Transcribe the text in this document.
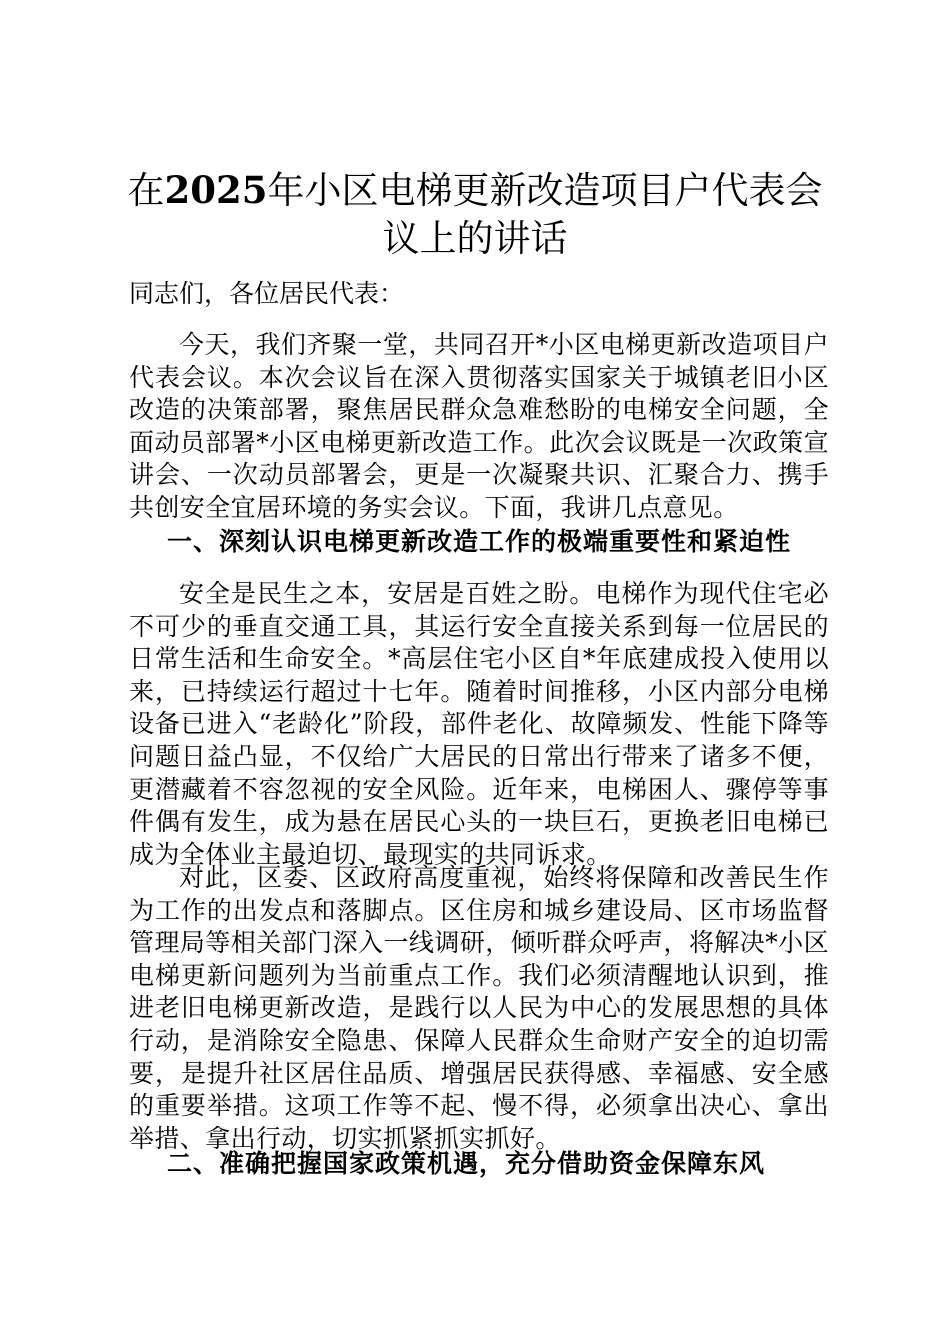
在2025年小区电梯更新改造项目户代表会议上的讲话

同志们，各位居民代表：

今天，我们齐聚一堂，共同召开*小区电梯更新改造项目户代表会议。本次会议旨在深入贯彻落实国家关于城镇老旧小区改造的决策部署，聚焦居民群众急难愁盼的电梯安全问题，全面动员部署*小区电梯更新改造工作。此次会议既是一次政策宣讲会、一次动员部署会，更是一次凝聚共识、汇聚合力、携手共创安全宜居环境的务实会议。下面，我讲几点意见。

一、深刻认识电梯更新改造工作的极端重要性和紧迫性

安全是民生之本，安居是百姓之盼。电梯作为现代住宅必不可少的垂直交通工具，其运行安全直接关系到每一位居民的日常生活和生命安全。*高层住宅小区自*年底建成投入使用以来，已持续运行超过十七年。随着时间推移，小区内部分电梯设备已进入“老龄化”阶段，部件老化、故障频发、性能下降等问题日益凸显，不仅给广大居民的日常出行带来了诸多不便，更潜藏着不容忽视的安全风险。近年来，电梯困人、骤停等事件偶有发生，成为悬在居民心头的一块巨石，更换老旧电梯已成为全体业主最迫切、最现实的共同诉求。

对此，区委、区政府高度重视，始终将保障和改善民生作为工作的出发点和落脚点。区住房和城乡建设局、区市场监督管理局等相关部门深入一线调研，倾听群众呼声，将解决*小区电梯更新问题列为当前重点工作。我们必须清醒地认识到，推进老旧电梯更新改造，是践行以人民为中心的发展思想的具体行动，是消除安全隐患、保障人民群众生命财产安全的迫切需要，是提升社区居住品质、增强居民获得感、幸福感、安全感的重要举措。这项工作等不起、慢不得，必须拿出决心、拿出举措、拿出行动，切实抓紧抓实抓好。

二、准确把握国家政策机遇，充分借助资金保障东风
